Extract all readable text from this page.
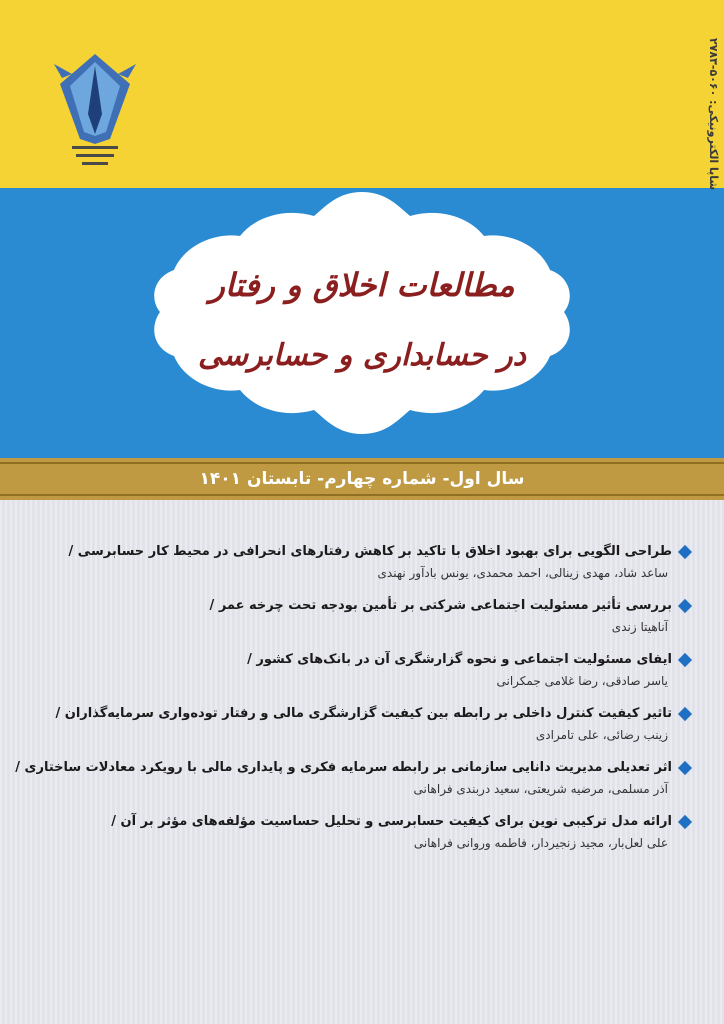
شاپا الکترونیکی: ۵۰۶۰-۲۷۸۳
مطالعات اخلاق و رفتار
در حسابداری و حسابرسی
سال اول- شماره چهارم- تابستان ۱۴۰۱
طراحی الگویی برای بهبود اخلاق با تاکید بر کاهش رفتارهای انحرافی در محیط کار حسابرسی /
ساعد شاد، مهدی زینالی، احمد محمدی، یونس بادآور نهندی
بررسی تأثیر مسئولیت اجتماعی شرکتی بر تأمین بودجه تحت چرخه عمر /
آناهیتا زندی
ایفای مسئولیت اجتماعی و نحوه گزارشگری آن در بانک‌های کشور /
یاسر صادقی، رضا غلامی جمکرانی
تاثیر کیفیت کنترل داخلی بر رابطه بین کیفیت گزارشگری مالی و رفتار توده‌واری سرمایه‌گذاران /
زینب رضائی، علی تامرادی
اثر تعدیلی مدیریت دانایی سازمانی بر رابطه سرمایه فکری و پایداری مالی با رویکرد معادلات ساختاری /
آذر مسلمی، مرضیه شریعتی، سعید دربندی فراهانی
ارائه مدل ترکیبی نوین برای کیفیت حسابرسی و تحلیل حساسیت مؤلفه‌های مؤثر بر آن /
علی لعل‌بار، مجید زنجیردار، فاطمه وروانی فراهانی
